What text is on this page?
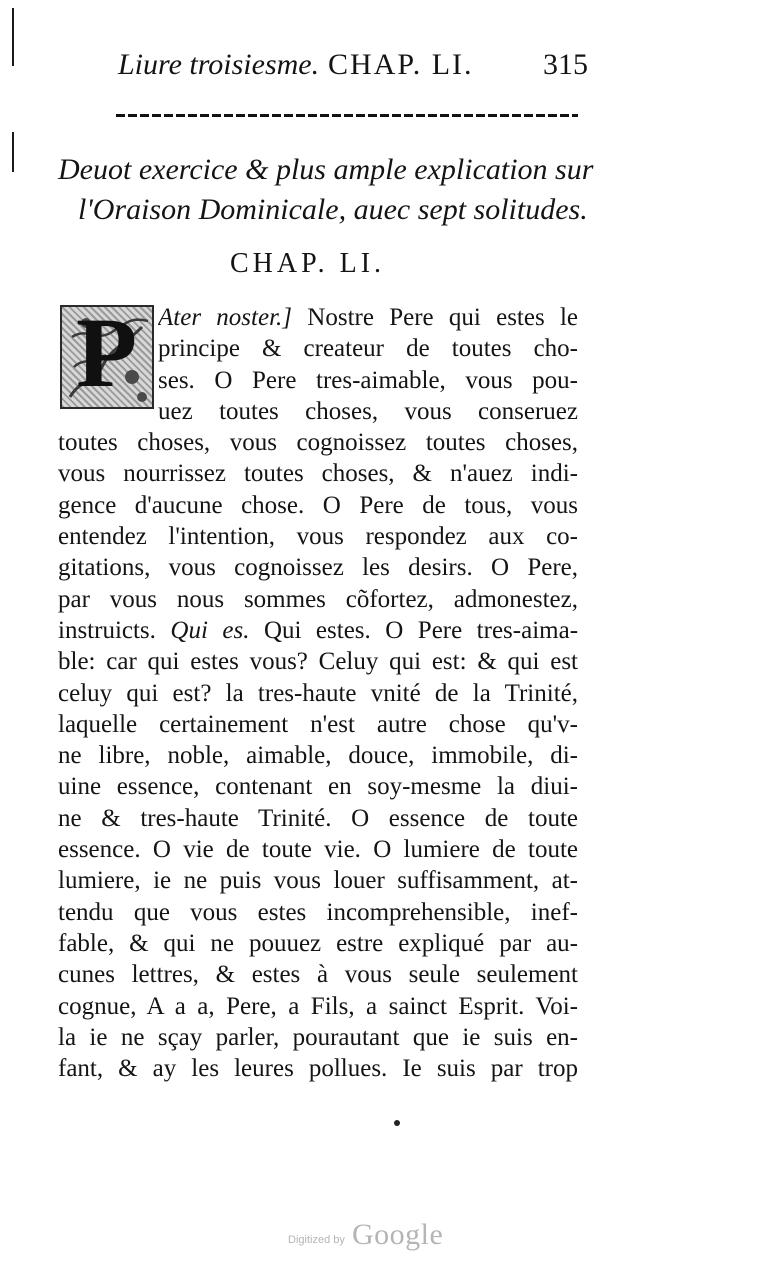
Liure troisiesme. CHAP. LI. 315
Deuot exercice & plus ample explication sur
l'Oraison Dominicale, auec sept solitudes.
CHAP. LI.
P Ater noster.] Nostre Pere qui estes le
principe & createur de toutes cho-
ses. O Pere tres-aimable, vous pou-
uez toutes choses, vous conseruez
toutes choses, vous cognoissez toutes choses,
vous nourrissez toutes choses, & n'auez indi-
gence d'aucune chose. O Pere de tous, vous
entendez l'intention, vous respondez aux co-
gitations, vous cognoissez les desirs. O Pere,
par vous nous sommes cõfortez, admonestez,
instruicts. Qui es. Qui estes. O Pere tres-aima-
ble: car qui estes vous? Celuy qui est: & qui est
celuy qui est? la tres-haute vnité de la Trinité,
laquelle certainement n'est autre chose qu'v-
ne libre, noble, aimable, douce, immobile, di-
uine essence, contenant en soy-mesme la diui-
ne & tres-haute Trinité. O essence de toute
essence. O vie de toute vie. O lumiere de toute
lumiere, ie ne puis vous louer suffisamment, at-
tendu que vous estes incomprehensible, inef-
fable, & qui ne pouuez estre expliqué par au-
cunes lettres, & estes à vous seule seulement
cognue, A a a, Pere, a Fils, a sainct Esprit. Voi-
la ie ne sçay parler, pourautant que ie suis en-
fant, & ay les leures pollues. Ie suis par trop
Digitized by Google
